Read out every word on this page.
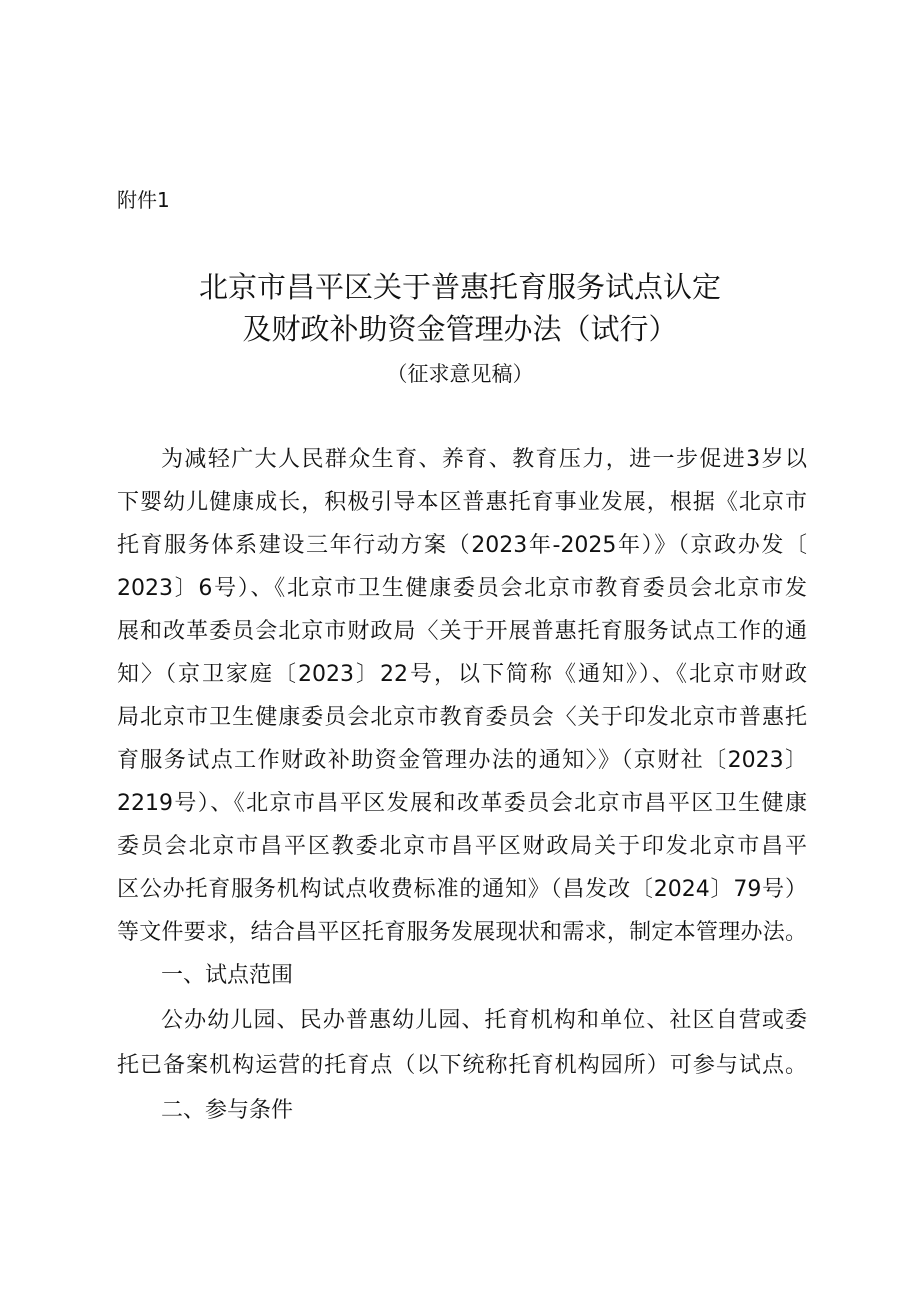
附件1

北京市昌平区关于普惠托育服务试点认定
及财政补助资金管理办法（试行）

（征求意见稿）

为减轻广大人民群众生育、养育、教育压力，进一步促进3岁以

下婴幼儿健康成长，积极引导本区普惠托育事业发展，根据《北京市

托育服务体系建设三年行动方案（2023年-2025年）》（京政办发〔

2023〕6号）、《北京市卫生健康委员会北京市教育委员会北京市发

展和改革委员会北京市财政局〈关于开展普惠托育服务试点工作的通

知〉（京卫家庭〔2023〕22号，以下简称《通知》）、《北京市财政

局北京市卫生健康委员会北京市教育委员会〈关于印发北京市普惠托

育服务试点工作财政补助资金管理办法的通知〉》（京财社〔2023〕

2219号）、《北京市昌平区发展和改革委员会北京市昌平区卫生健康

委员会北京市昌平区教委北京市昌平区财政局关于印发北京市昌平

区公办托育服务机构试点收费标准的通知》（昌发改〔2024〕79号）

等文件要求，结合昌平区托育服务发展现状和需求，制定本管理办法。

一、试点范围

公办幼儿园、民办普惠幼儿园、托育机构和单位、社区自营或委

托已备案机构运营的托育点（以下统称托育机构园所）可参与试点。

二、参与条件
